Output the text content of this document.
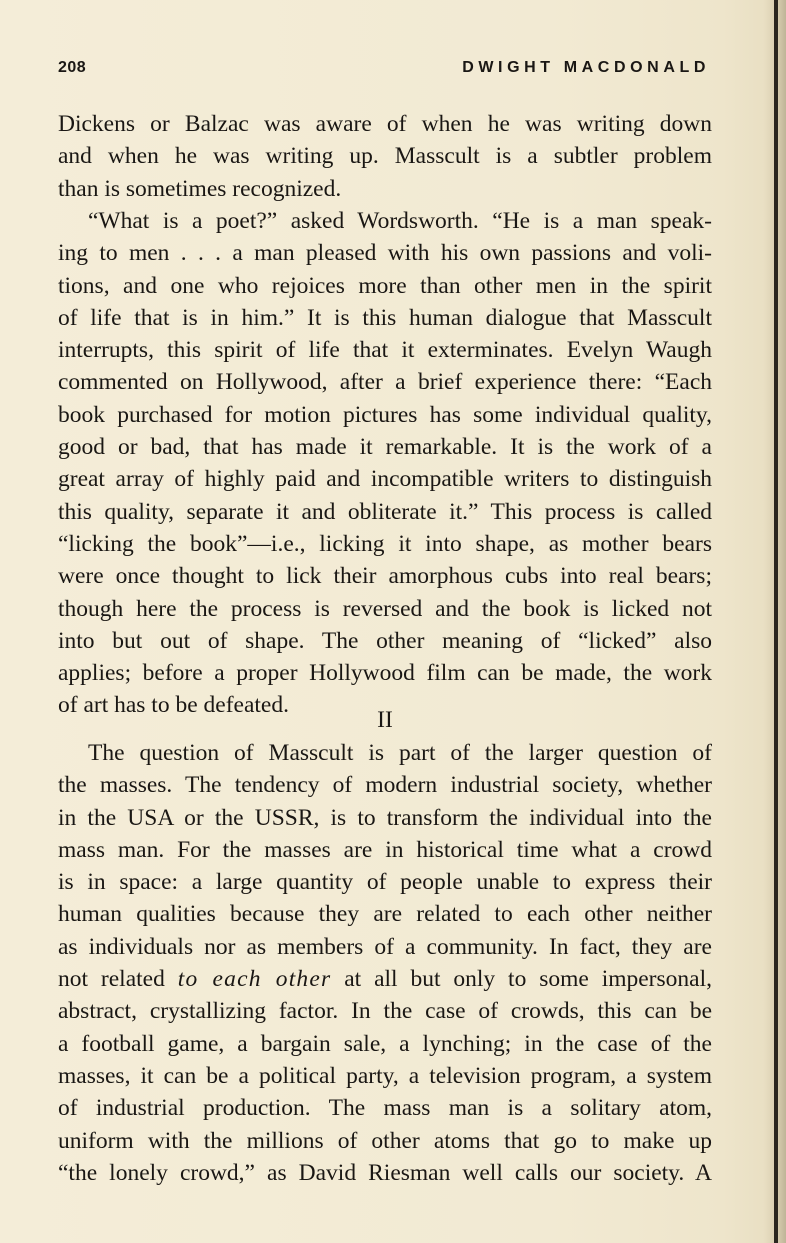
208	DWIGHT MACDONALD
Dickens or Balzac was aware of when he was writing down
and when he was writing up. Masscult is a subtler problem
than is sometimes recognized.
“What is a poet?” asked Wordsworth. “He is a man speak-
ing to men . . . a man pleased with his own passions and voli-
tions, and one who rejoices more than other men in the spirit
of life that is in him.” It is this human dialogue that Masscult
interrupts, this spirit of life that it exterminates. Evelyn Waugh
commented on Hollywood, after a brief experience there: “Each
book purchased for motion pictures has some individual quality,
good or bad, that has made it remarkable. It is the work of a
great array of highly paid and incompatible writers to distinguish
this quality, separate it and obliterate it.” This process is called
“licking the book”—i.e., licking it into shape, as mother bears
were once thought to lick their amorphous cubs into real bears;
though here the process is reversed and the book is licked not
into but out of shape. The other meaning of “licked” also
applies; before a proper Hollywood film can be made, the work
of art has to be defeated.
II
The question of Masscult is part of the larger question of
the masses. The tendency of modern industrial society, whether
in the USA or the USSR, is to transform the individual into the
mass man. For the masses are in historical time what a crowd
is in space: a large quantity of people unable to express their
human qualities because they are related to each other neither
as individuals nor as members of a community. In fact, they are
not related to each other at all but only to some impersonal,
abstract, crystallizing factor. In the case of crowds, this can be
a football game, a bargain sale, a lynching; in the case of the
masses, it can be a political party, a television program, a system
of industrial production. The mass man is a solitary atom,
uniform with the millions of other atoms that go to make up
“the lonely crowd,” as David Riesman well calls our society. A
